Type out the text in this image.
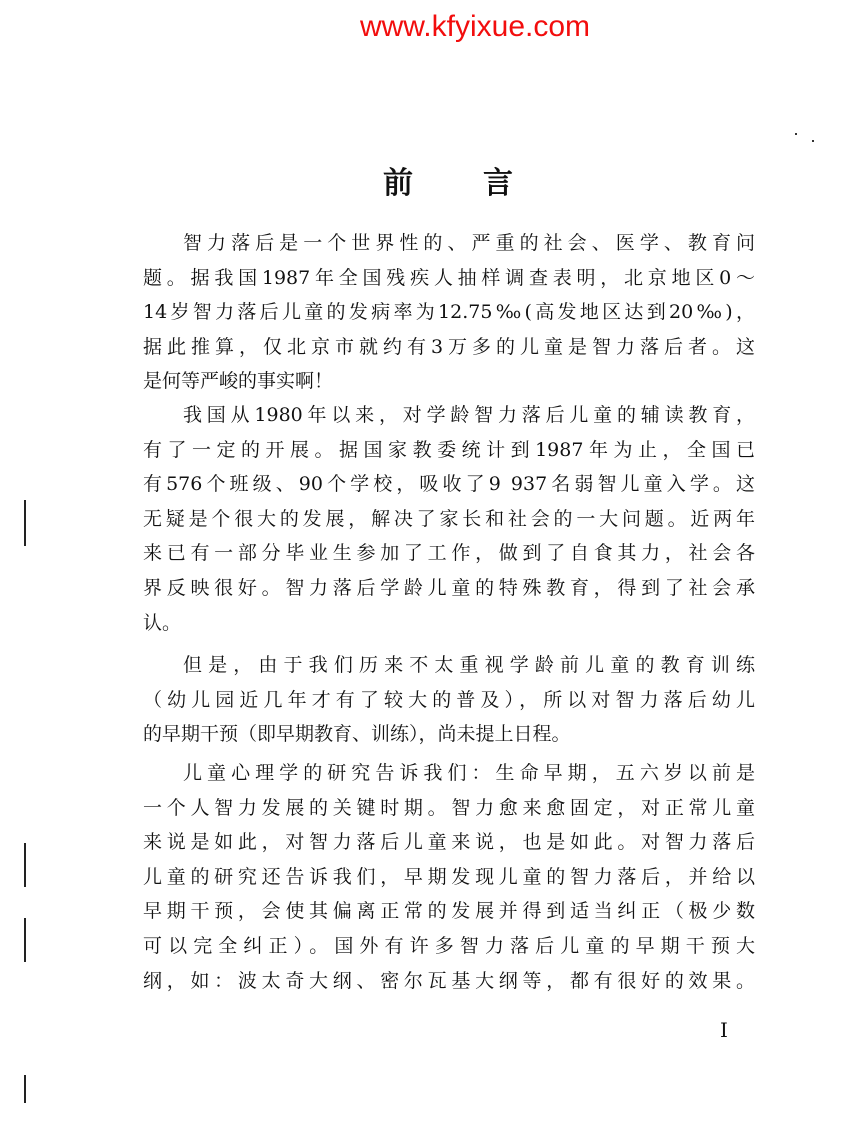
www.kfyixue.com
前 言
智力落后是一个世界性的、严重的社会、医学、教育问
题。据我国1987年全国残疾人抽样调查表明，北京地区0～
14岁智力落后儿童的发病率为12.75‰(高发地区达到20‰)，
据此推算，仅北京市就约有3万多的儿童是智力落后者。这
是何等严峻的事实啊！
我国从1980年以来，对学龄智力落后儿童的辅读教育，
有了一定的开展。据国家教委统计到1987年为止，全国已
有576个班级、90个学校，吸收了9 937名弱智儿童入学。这
无疑是个很大的发展，解决了家长和社会的一大问题。近两年
来已有一部分毕业生参加了工作，做到了自食其力，社会各
界反映很好。智力落后学龄儿童的特殊教育，得到了社会承
认。
但是，由于我们历来不太重视学龄前儿童的教育训练
（幼儿园近几年才有了较大的普及），所以对智力落后幼儿
的早期干预（即早期教育、训练），尚未提上日程。
儿童心理学的研究告诉我们：生命早期，五六岁以前是
一个人智力发展的关键时期。智力愈来愈固定，对正常儿童
来说是如此，对智力落后儿童来说，也是如此。对智力落后
儿童的研究还告诉我们，早期发现儿童的智力落后，并给以
早期干预，会使其偏离正常的发展并得到适当纠正（极少数
可以完全纠正）。国外有许多智力落后儿童的早期干预大
纲，如：波太奇大纲、密尔瓦基大纲等，都有很好的效果。
I
